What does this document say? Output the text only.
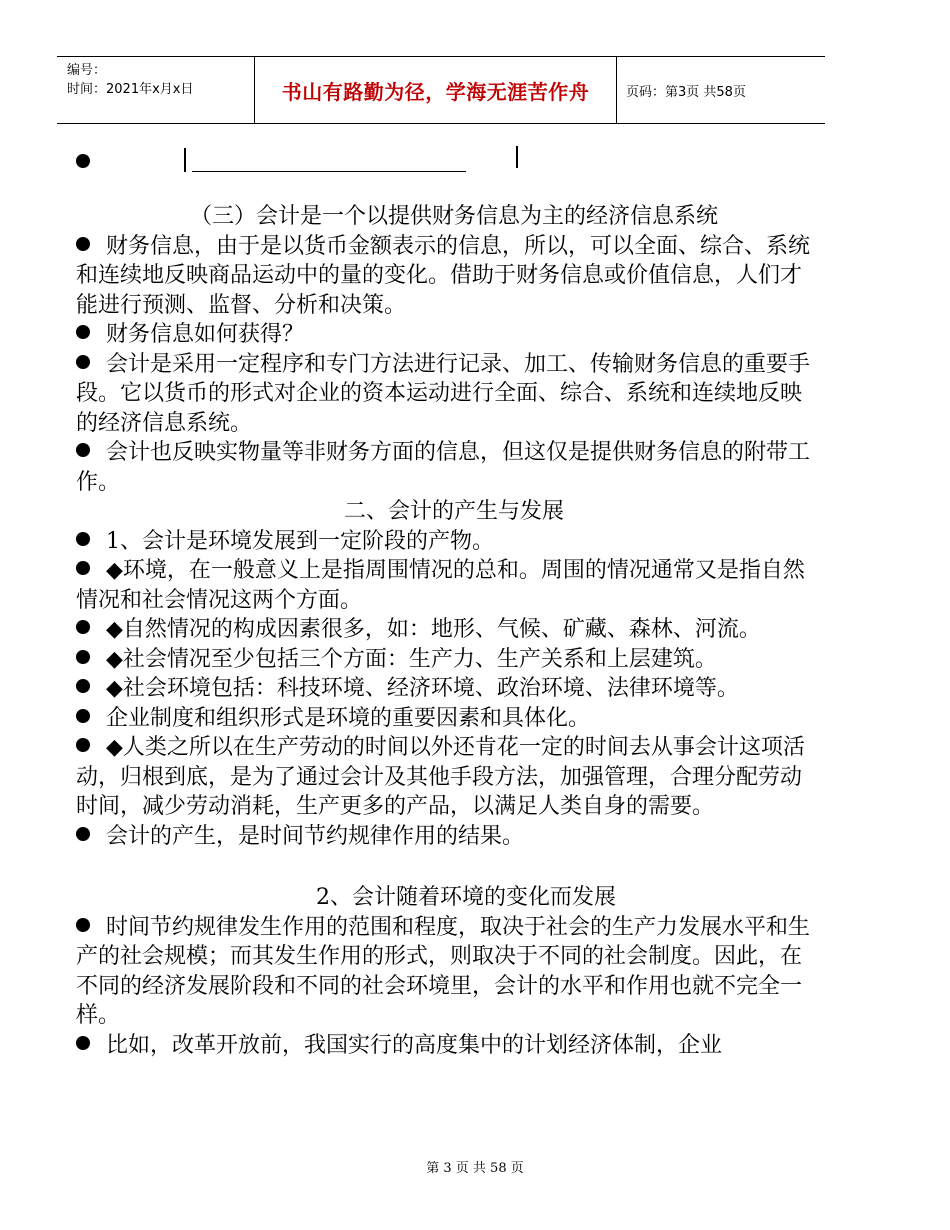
编号：
时间：2021年x月x日	书山有路勤为径，学海无涯苦作舟	页码：第3页 共58页

（三）会计是一个以提供财务信息为主的经济信息系统

财务信息，由于是以货币金额表示的信息，所以，可以全面、综合、系统和连续地反映商品运动中的量的变化。借助于财务信息或价值信息，人们才能进行预测、监督、分析和决策。

财务信息如何获得？

会计是采用一定程序和专门方法进行记录、加工、传输财务信息的重要手段。它以货币的形式对企业的资本运动进行全面、综合、系统和连续地反映的经济信息系统。

会计也反映实物量等非财务方面的信息，但这仅是提供财务信息的附带工作。

二、会计的产生与发展

1、会计是环境发展到一定阶段的产物。

◆环境，在一般意义上是指周围情况的总和。周围的情况通常又是指自然情况和社会情况这两个方面。

◆自然情况的构成因素很多，如：地形、气候、矿藏、森林、河流。

◆社会情况至少包括三个方面：生产力、生产关系和上层建筑。

◆社会环境包括：科技环境、经济环境、政治环境、法律环境等。

企业制度和组织形式是环境的重要因素和具体化。

◆人类之所以在生产劳动的时间以外还肯花一定的时间去从事会计这项活动，归根到底，是为了通过会计及其他手段方法，加强管理，合理分配劳动时间，减少劳动消耗，生产更多的产品，以满足人类自身的需要。

会计的产生，是时间节约规律作用的结果。

2、会计随着环境的变化而发展

时间节约规律发生作用的范围和程度，取决于社会的生产力发展水平和生产的社会规模；而其发生作用的形式，则取决于不同的社会制度。因此，在不同的经济发展阶段和不同的社会环境里，会计的水平和作用也就不完全一样。

比如，改革开放前，我国实行的高度集中的计划经济体制，企业

第 3 页 共 58 页
